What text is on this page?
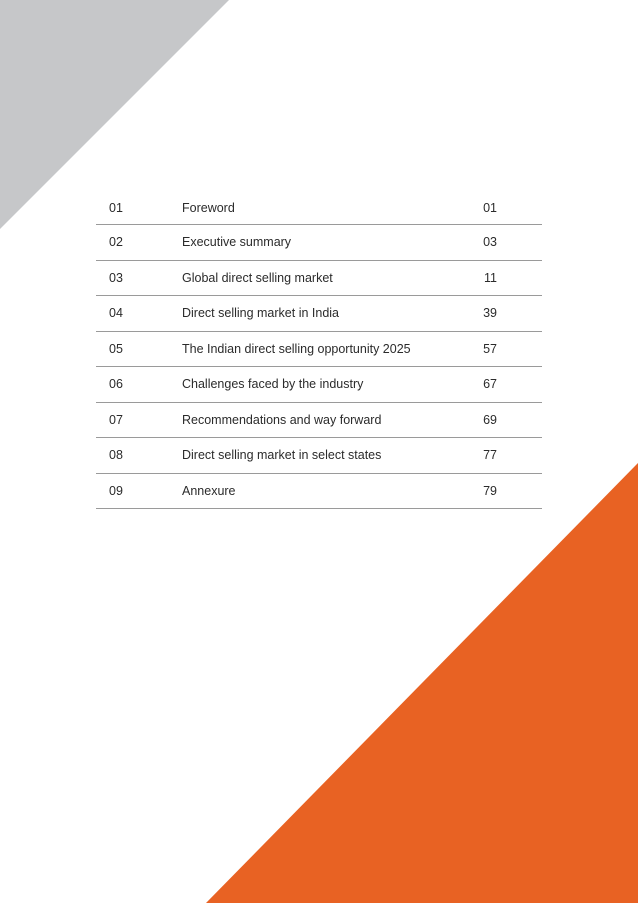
01	Foreword	01
02	Executive summary	03
03	Global direct selling market	11
04	Direct selling market in India	39
05	The Indian direct selling opportunity 2025	57
06	Challenges faced by the industry	67
07	Recommendations and way forward	69
08	Direct selling market in select states	77
09	Annexure	79
